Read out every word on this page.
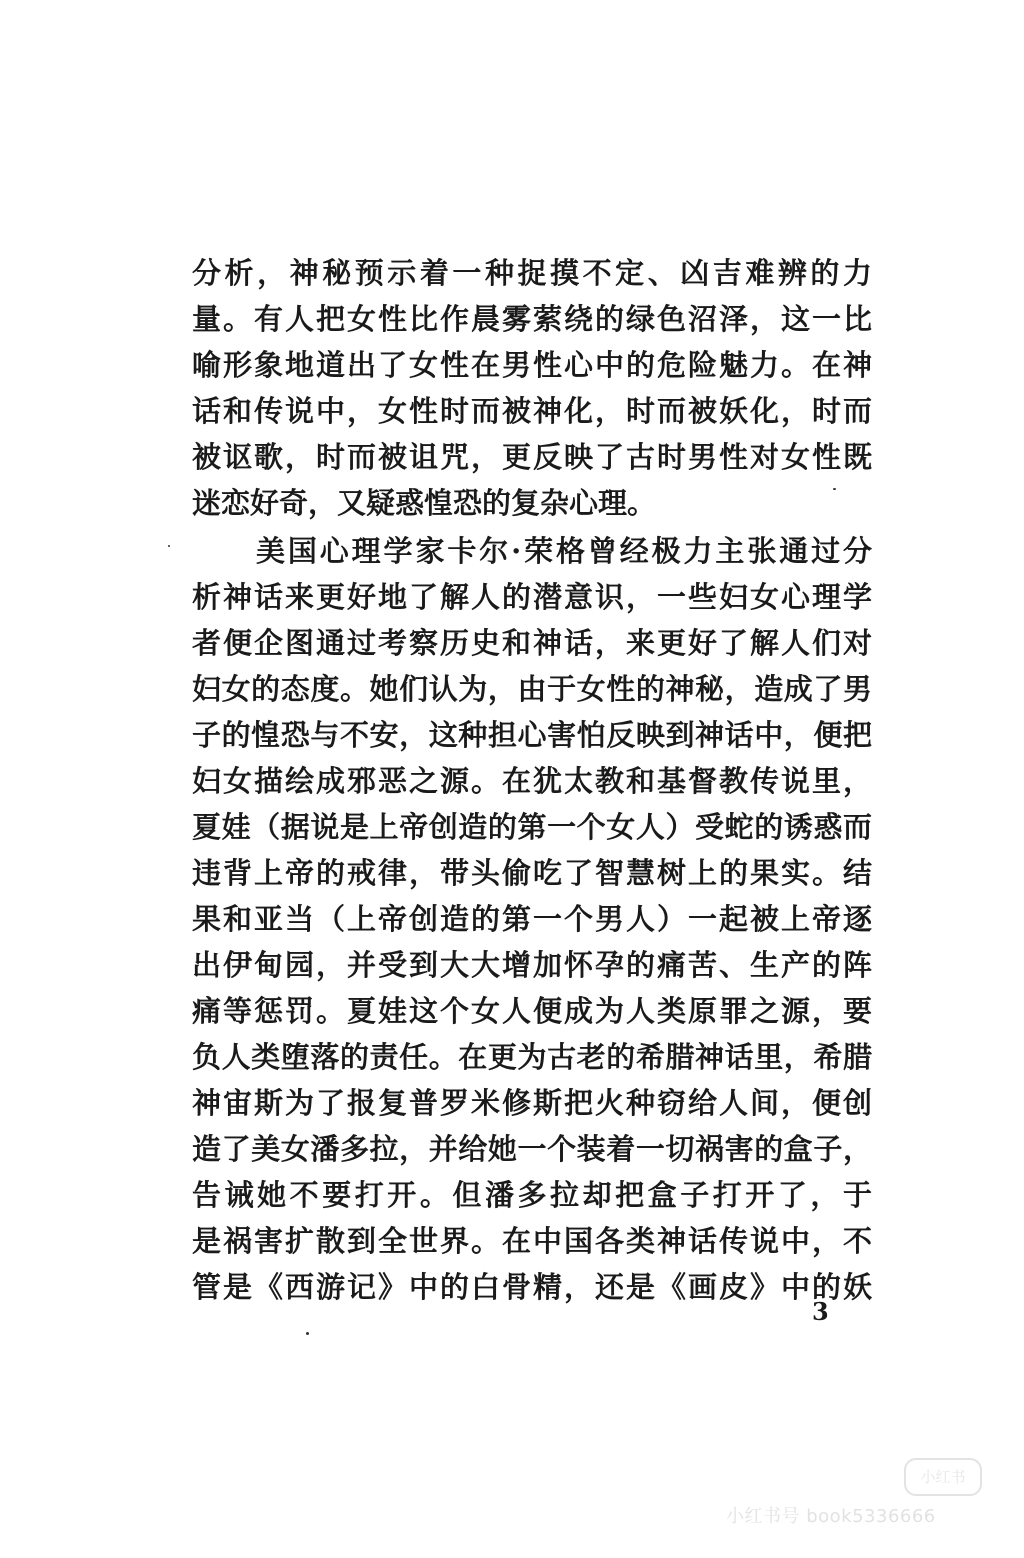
分析，神秘预示着一种捉摸不定、凶吉难辨的力
量。有人把女性比作晨雾萦绕的绿色沼泽，这一比
喻形象地道出了女性在男性心中的危险魅力。在神
话和传说中，女性时而被神化，时而被妖化，时而
被讴歌，时而被诅咒，更反映了古时男性对女性既
迷恋好奇，又疑惑惶恐的复杂心理。
美国心理学家卡尔·荣格曾经极力主张通过分
析神话来更好地了解人的潜意识，一些妇女心理学
者便企图通过考察历史和神话，来更好了解人们对
妇女的态度。她们认为，由于女性的神秘，造成了男
子的惶恐与不安，这种担心害怕反映到神话中，便把
妇女描绘成邪恶之源。在犹太教和基督教传说里，
夏娃（据说是上帝创造的第一个女人）受蛇的诱惑而
违背上帝的戒律，带头偷吃了智慧树上的果实。结
果和亚当（上帝创造的第一个男人）一起被上帝逐
出伊甸园，并受到大大增加怀孕的痛苦、生产的阵
痛等惩罚。夏娃这个女人便成为人类原罪之源，要
负人类堕落的责任。在更为古老的希腊神话里，希腊
神宙斯为了报复普罗米修斯把火种窃给人间，便创
造了美女潘多拉，并给她一个装着一切祸害的盒子，
告诫她不要打开。但潘多拉却把盒子打开了，于
是祸害扩散到全世界。在中国各类神话传说中，不
管是《西游记》中的白骨精，还是《画皮》中的妖
3
小红书
小红书号 book5336666
